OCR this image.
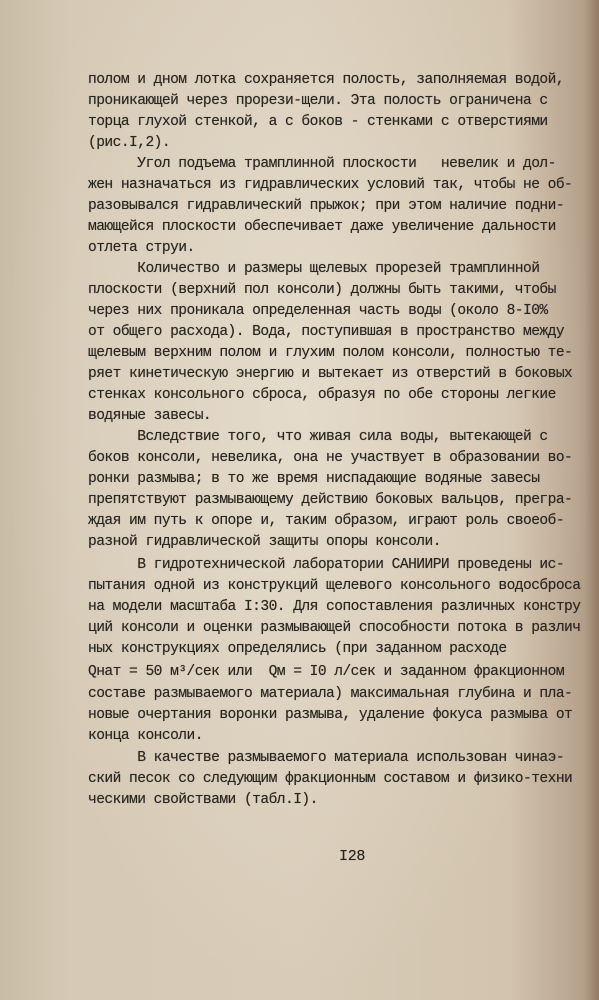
полом и дном лотка сохраняется полость, заполняемая водой,
проникающей через прорези-щели. Эта полость ограничена с
торца глухой стенкой, а с боков - стенками с отверстиями
(рис.I,2).
Угол подъема трамплинной плоскости   невелик и дол-
жен назначаться из гидравлических условий так, чтобы не об-
разовывался гидравлический прыжок; при этом наличие подни-
мающейся плоскости обеспечивает даже увеличение дальности
отлета струи.
Количество и размеры щелевых прорезей трамплинной
плоскости (верхний пол консоли) должны быть такими, чтобы
через них проникала определенная часть воды (около 8-I0%
от общего расхода). Вода, поступившая в пространство между
щелевым верхним полом и глухим полом консоли, полностью те-
ряет кинетическую энергию и вытекает из отверстий в боковых
стенках консольного сброса, образуя по обе стороны легкие
водяные завесы.
Вследствие того, что живая сила воды, вытекающей с
боков консоли, невелика, она не участвует в образовании во-
ронки размыва; в то же время ниспадающие водяные завесы
препятствуют размывающему действию боковых вальцов, прегра-
ждая им путь к опоре и, таким образом, играют роль своеоб-
разной гидравлической защиты опоры консоли.
В гидротехнической лаборатории САНИИРИ проведены ис-
пытания одной из конструкций щелевого консольного водосброса
на модели масштаба I:30. Для сопоставления различных констру
ций консоли и оценки размывающей способности потока в различ
ных конструкциях определялись (при заданном расходе
Qнат = 50 м³/сек или  Qм = I0 л/сек и заданном фракционном
составе размываемого материала) максимальная глубина и пла-
новые очертания воронки размыва, удаление фокуса размыва от
конца консоли.
В качестве размываемого материала использован чинаэ-
ский песок со следующим фракционным составом и физико-техни
ческими свойствами (табл.I).
I28
